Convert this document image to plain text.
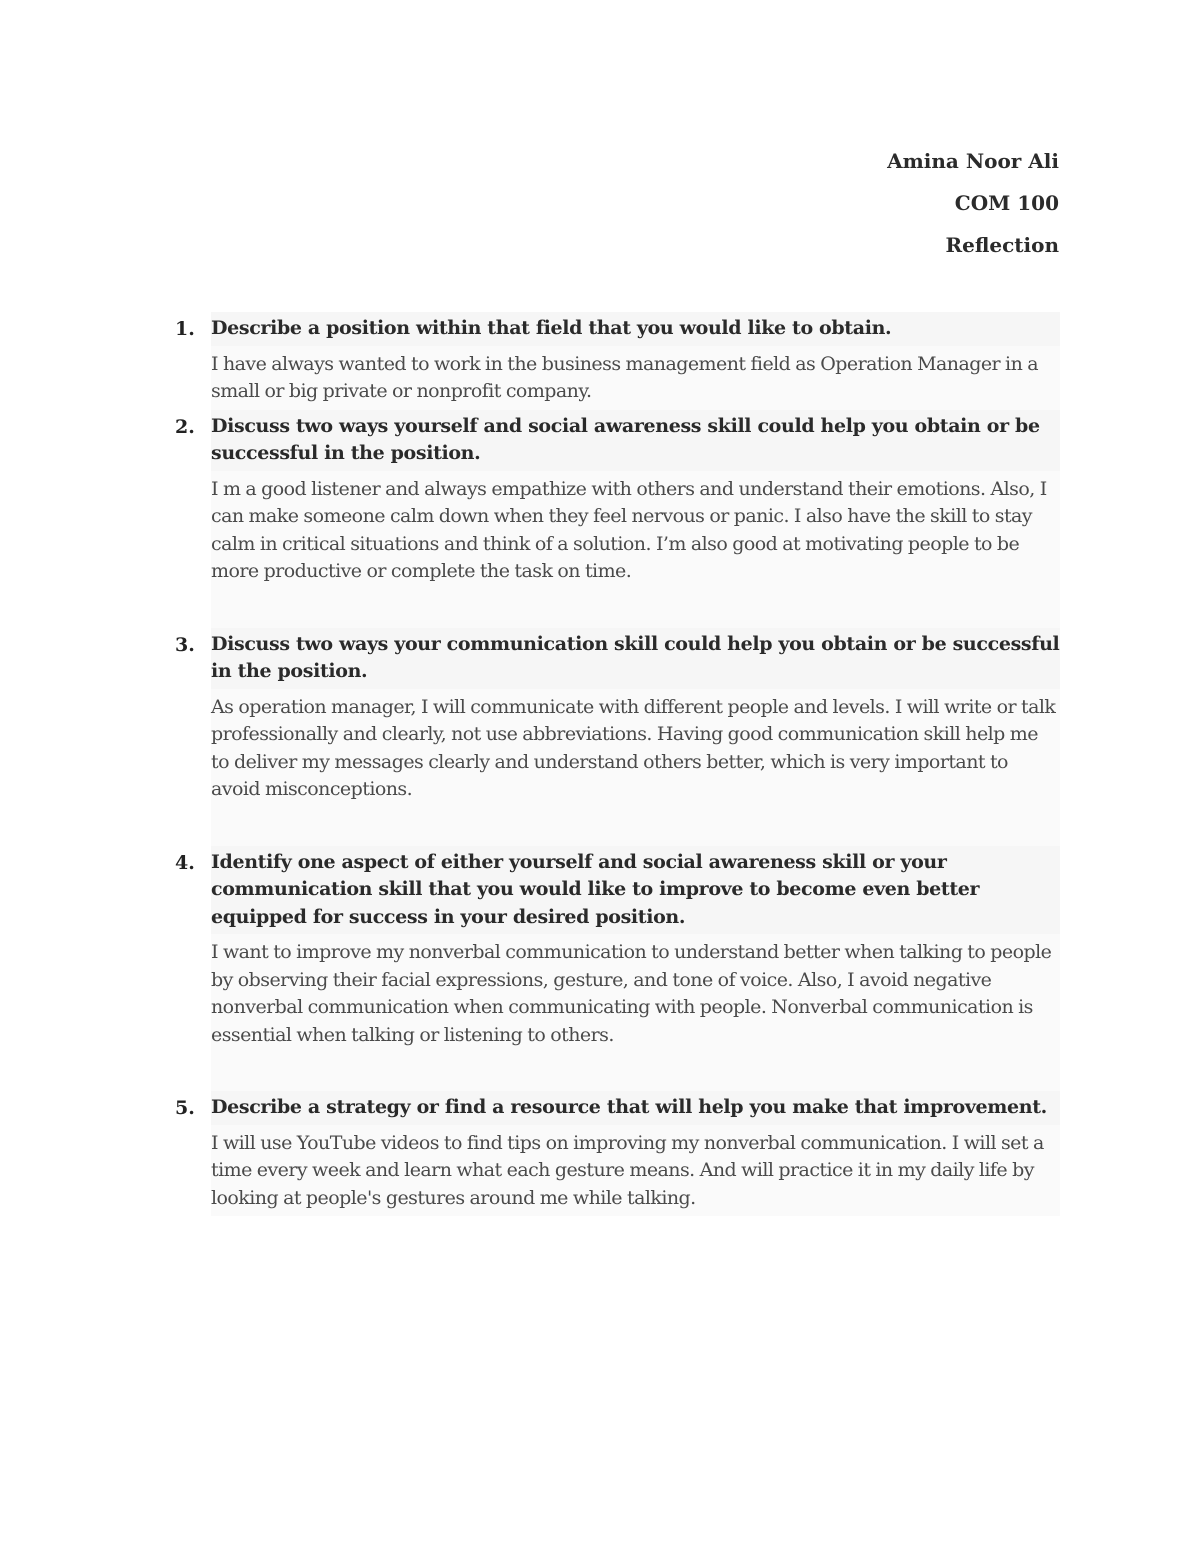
Amina Noor Ali
COM 100
Reflection
1. Describe a position within that field that you would like to obtain.
I have always wanted to work in the business management field as Operation Manager in a small or big private or nonprofit company.
2. Discuss two ways yourself and social awareness skill could help you obtain or be successful in the position.
I m a good listener and always empathize with others and understand their emotions. Also, I can make someone calm down when they feel nervous or panic. I also have the skill to stay calm in critical situations and think of a solution. I’m also good at motivating people to be more productive or complete the task on time.
3. Discuss two ways your communication skill could help you obtain or be successful in the position.
As operation manager, I will communicate with different people and levels. I will write or talk professionally and clearly, not use abbreviations. Having good communication skill help me to deliver my messages clearly and understand others better, which is very important to avoid misconceptions.
4. Identify one aspect of either yourself and social awareness skill or your communication skill that you would like to improve to become even better equipped for success in your desired position.
I want to improve my nonverbal communication to understand better when talking to people by observing their facial expressions, gesture, and tone of voice. Also, I avoid negative nonverbal communication when communicating with people. Nonverbal communication is essential when talking or listening to others.
5. Describe a strategy or find a resource that will help you make that improvement.
I will use YouTube videos to find tips on improving my nonverbal communication. I will set a time every week and learn what each gesture means. And will practice it in my daily life by looking at people's gestures around me while talking.
